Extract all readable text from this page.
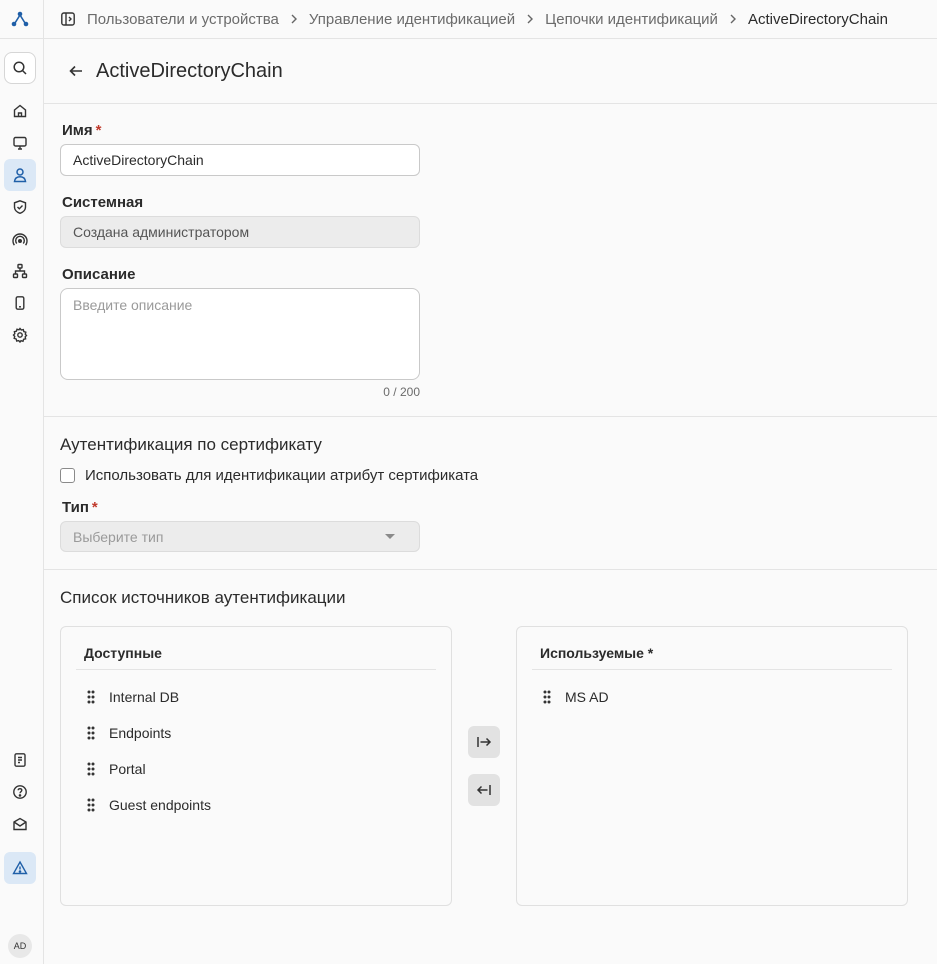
AD
Пользователи и устройства Управление идентификацией Цепочки идентификаций ActiveDirectoryChain
ActiveDirectoryChain
Имя *
ActiveDirectoryChain
Системная
Создана администратором
Описание
Введите описание
0 / 200
Аутентификация по сертификату
Использовать для идентификации атрибут сертификата
Тип *
Выберите тип
Список источников аутентификации
Доступные
Internal DB
Endpoints
Portal
Guest endpoints
Используемые *
MS AD
